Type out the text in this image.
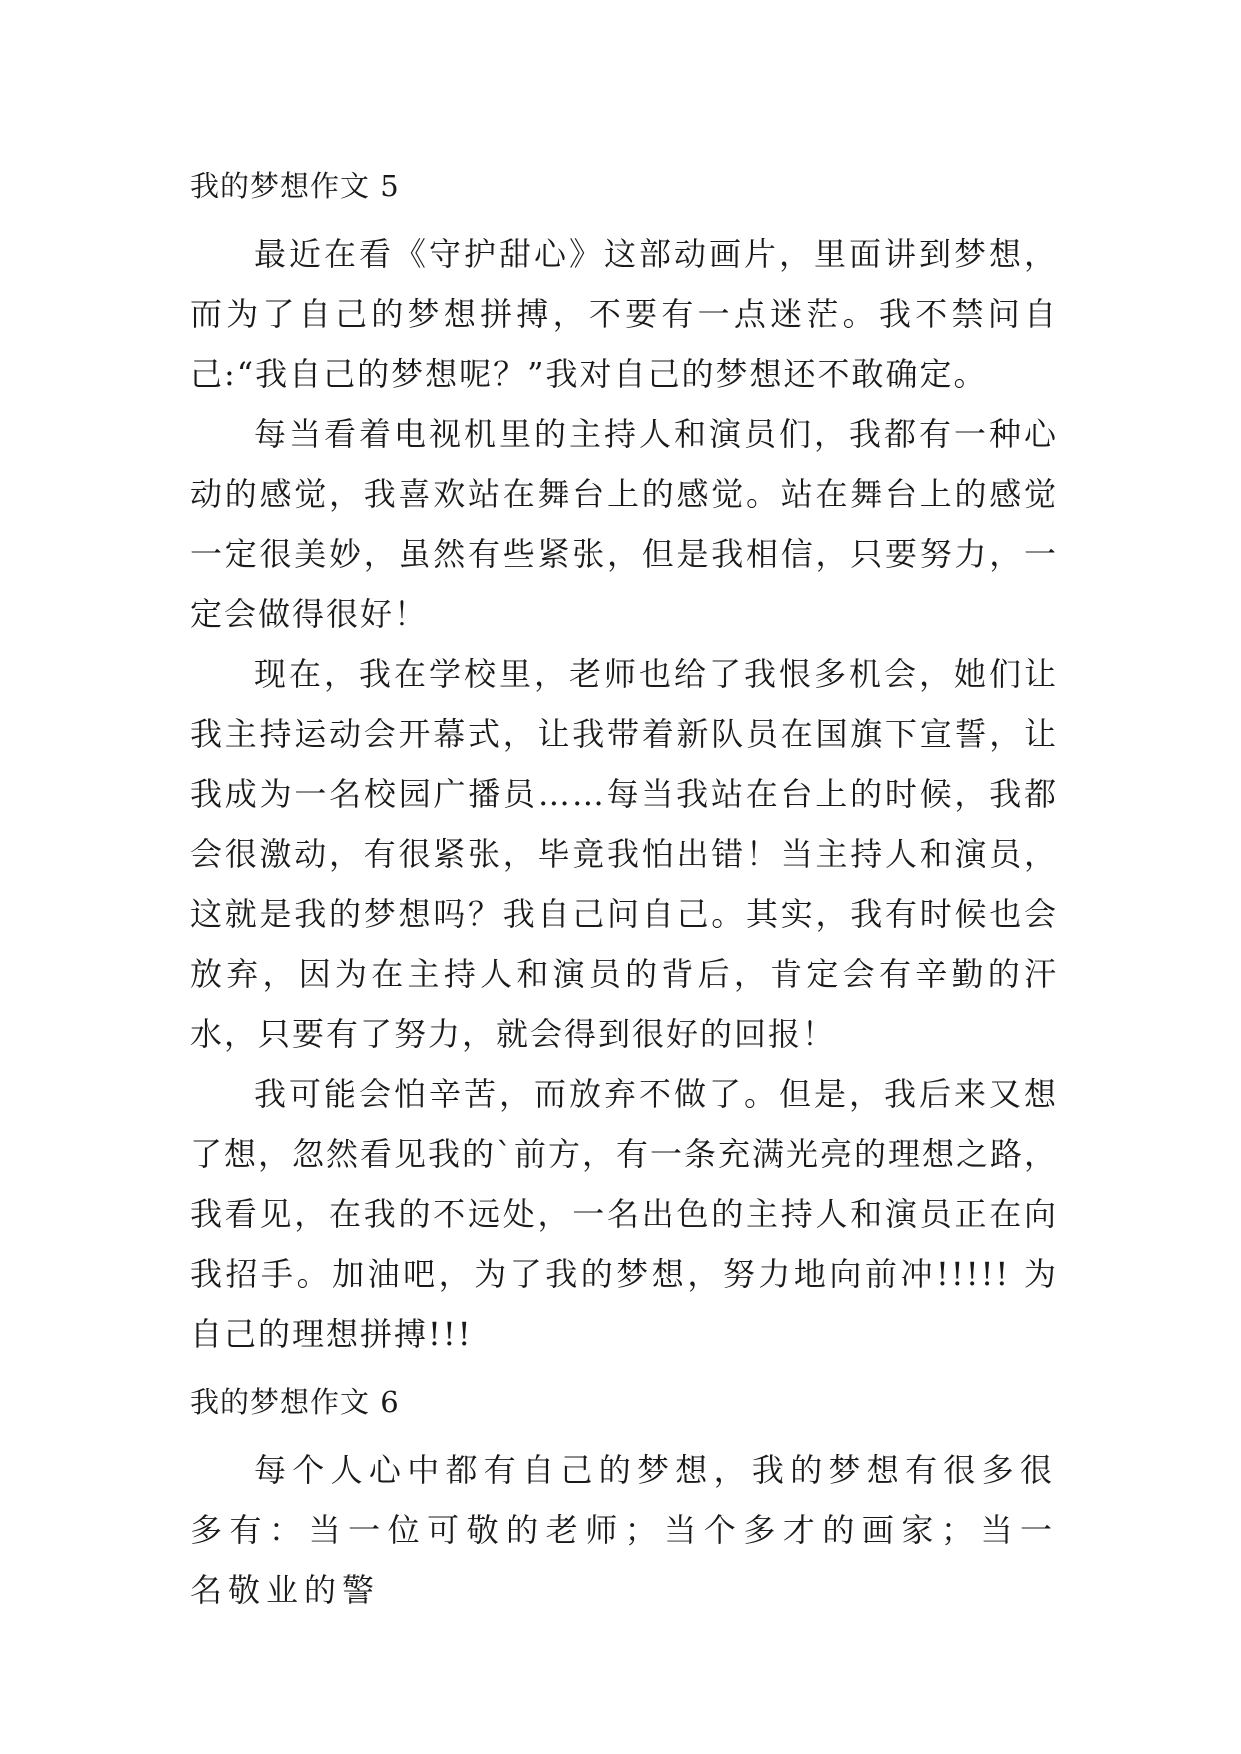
我的梦想作文 5

最近在看《守护甜心》这部动画片，里面讲到梦想，而为了自己的梦想拼搏，不要有一点迷茫。我不禁问自己:“我自己的梦想呢？”我对自己的梦想还不敢确定。

每当看着电视机里的主持人和演员们，我都有一种心动的感觉，我喜欢站在舞台上的感觉。站在舞台上的感觉一定很美妙，虽然有些紧张，但是我相信，只要努力，一定会做得很好！

现在，我在学校里，老师也给了我恨多机会，她们让我主持运动会开幕式，让我带着新队员在国旗下宣誓，让我成为一名校园广播员……每当我站在台上的时候，我都会很激动，有很紧张，毕竟我怕出错！当主持人和演员，这就是我的梦想吗？我自己问自己。其实，我有时候也会放弃，因为在主持人和演员的背后，肯定会有辛勤的汗水，只要有了努力，就会得到很好的回报！

我可能会怕辛苦，而放弃不做了。但是，我后来又想了想，忽然看见我的`前方，有一条充满光亮的理想之路，我看见，在我的不远处，一名出色的主持人和演员正在向我招手。加油吧，为了我的梦想，努力地向前冲!!!!! 为自己的理想拼搏!!!

我的梦想作文 6

每个人心中都有自己的梦想，我的梦想有很多很多有：当一位可敬的老师；当个多才的画家；当一名敬业的警
